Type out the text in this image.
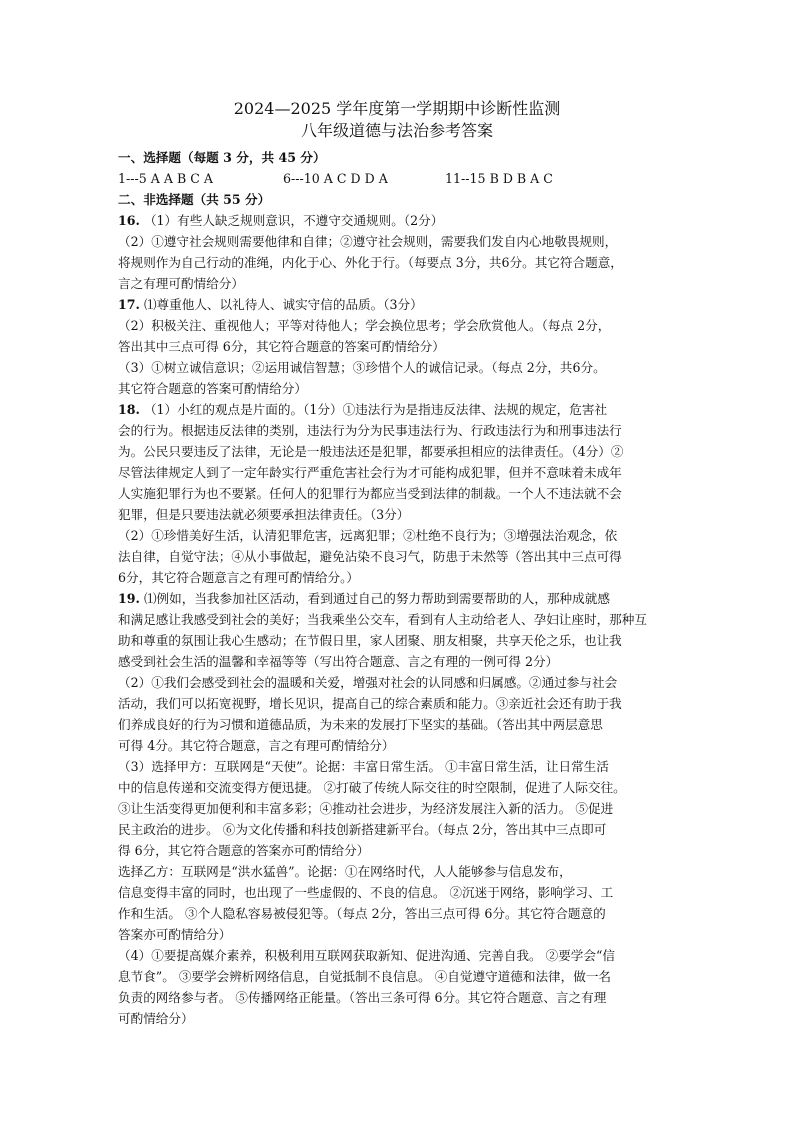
2024—2025 学年度第一学期期中诊断性监测
八年级道德与法治参考答案
一、选择题（每题 3 分，共 45 分）
1---5 A A B C A	6---10 A C D D A	11--15 B D B A C
二、非选择题（共 55 分）
16. （1）有些人缺乏规则意识，不遵守交通规则。（2分）
（2）①遵守社会规则需要他律和自律；②遵守社会规则，需要我们发自内心地敬畏规则，
将规则作为自己行动的准绳，内化于心、外化于行。（每要点 3分，共6分。其它符合题意，
言之有理可酌情给分）
17. ⑴尊重他人、以礼待人、诚实守信的品质。（3分）
（2）积极关注、重视他人；平等对待他人；学会换位思考；学会欣赏他人。（每点 2分，
答出其中三点可得 6分，其它符合题意的答案可酌情给分）
（3）①树立诚信意识；②运用诚信智慧；③珍惜个人的诚信记录。（每点 2分，共6分。
其它符合题意的答案可酌情给分）
18. （1）小红的观点是片面的。（1分）①违法行为是指违反法律、法规的规定，危害社
会的行为。根据违反法律的类别，违法行为分为民事违法行为、行政违法行为和刑事违法行
为。公民只要违反了法律，无论是一般违法还是犯罪，都要承担相应的法律责任。（4分）②
尽管法律规定人到了一定年龄实行严重危害社会行为才可能构成犯罪，但并不意味着未成年
人实施犯罪行为也不要紧。任何人的犯罪行为都应当受到法律的制裁。一个人不违法就不会
犯罪，但是只要违法就必须要承担法律责任。（3分）
（2）①珍惜美好生活，认清犯罪危害，远离犯罪；②杜绝不良行为；③增强法治观念，依
法自律，自觉守法；④从小事做起，避免沾染不良习气，防患于未然等（答出其中三点可得
6分，其它符合题意言之有理可酌情给分。）
19. ⑴例如，当我参加社区活动，看到通过自己的努力帮助到需要帮助的人，那种成就感
和满足感让我感受到社会的美好；当我乘坐公交车，看到有人主动给老人、孕妇让座时，那种互
助和尊重的氛围让我心生感动；在节假日里，家人团聚、朋友相聚，共享天伦之乐，也让我
感受到社会生活的温馨和幸福等等（写出符合题意、言之有理的一例可得 2分）
（2）①我们会感受到社会的温暖和关爱，增强对社会的认同感和归属感。②通过参与社会
活动，我们可以拓宽视野，增长见识，提高自己的综合素质和能力。③亲近社会还有助于我
们养成良好的行为习惯和道德品质，为未来的发展打下坚实的基础。（答出其中两层意思
可得 4分。其它符合题意，言之有理可酌情给分）
（3）选择甲方：互联网是“天使”。论据：丰富日常生活。 ①丰富日常生活，让日常生活
中的信息传递和交流变得方便迅捷。 ②打破了传统人际交往的时空限制，促进了人际交往。
③让生活变得更加便利和丰富多彩；④推动社会进步，为经济发展注入新的活力。 ⑤促进
民主政治的进步。 ⑥为文化传播和科技创新搭建新平台。（每点 2分，答出其中三点即可
得 6分，其它符合题意的答案亦可酌情给分）
选择乙方：互联网是“洪水猛兽”。论据：①在网络时代，人人能够参与信息发布，
信息变得丰富的同时，也出现了一些虚假的、不良的信息。 ②沉迷于网络，影响学习、工
作和生活。 ③个人隐私容易被侵犯等。（每点 2分，答出三点可得 6分。其它符合题意的
答案亦可酌情给分）
（4）①要提高媒介素养，积极利用互联网获取新知、促进沟通、完善自我。 ②要学会“信
息节食”。 ③要学会辨析网络信息，自觉抵制不良信息。 ④自觉遵守道德和法律，做一名
负责的网络参与者。 ⑤传播网络正能量。（答出三条可得 6分。其它符合题意、言之有理
可酌情给分）
